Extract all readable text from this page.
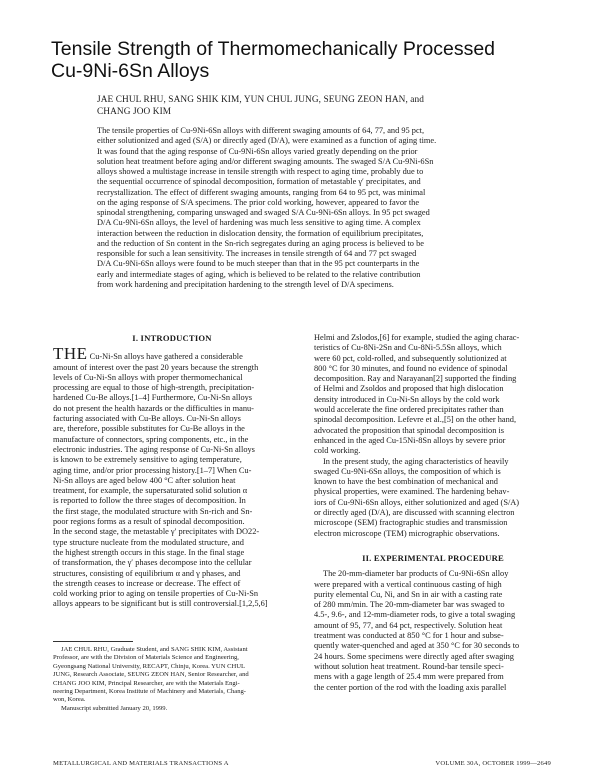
Tensile Strength of Thermomechanically Processed
Cu-9Ni-6Sn Alloys
JAE CHUL RHU, SANG SHIK KIM, YUN CHUL JUNG, SEUNG ZEON HAN, and
CHANG JOO KIM
The tensile properties of Cu-9Ni-6Sn alloys with different swaging amounts of 64, 77, and 95 pct,
either solutionized and aged (S/A) or directly aged (D/A), were examined as a function of aging time.
It was found that the aging response of Cu-9Ni-6Sn alloys varied greatly depending on the prior
solution heat treatment before aging and/or different swaging amounts. The swaged S/A Cu-9Ni-6Sn
alloys showed a multistage increase in tensile strength with respect to aging time, probably due to
the sequential occurrence of spinodal decomposition, formation of metastable γ′ precipitates, and
recrystallization. The effect of different swaging amounts, ranging from 64 to 95 pct, was minimal
on the aging response of S/A specimens. The prior cold working, however, appeared to favor the
spinodal strengthening, comparing unswaged and swaged S/A Cu-9Ni-6Sn alloys. In 95 pct swaged
D/A Cu-9Ni-6Sn alloys, the level of hardening was much less sensitive to aging time. A complex
interaction between the reduction in dislocation density, the formation of equilibrium precipitates,
and the reduction of Sn content in the Sn-rich segregates during an aging process is believed to be
responsible for such a lean sensitivity. The increases in tensile strength of 64 and 77 pct swaged
D/A Cu-9Ni-6Sn alloys were found to be much steeper than that in the 95 pct counterparts in the
early and intermediate stages of aging, which is believed to be related to the relative contribution
from work hardening and precipitation hardening to the strength level of D/A specimens.
I. INTRODUCTION
THE Cu-Ni-Sn alloys have gathered a considerable
amount of interest over the past 20 years because the strength
levels of Cu-Ni-Sn alloys with proper thermomechanical
processing are equal to those of high-strength, precipitation-
hardened Cu-Be alloys.[1–4] Furthermore, Cu-Ni-Sn alloys
do not present the health hazards or the difficulties in manu-
facturing associated with Cu-Be alloys. Cu-Ni-Sn alloys
are, therefore, possible substitutes for Cu-Be alloys in the
manufacture of connectors, spring components, etc., in the
electronic industries. The aging response of Cu-Ni-Sn alloys
is known to be extremely sensitive to aging temperature,
aging time, and/or prior processing history.[1–7] When Cu-
Ni-Sn alloys are aged below 400 °C after solution heat
treatment, for example, the supersaturated solid solution α
is reported to follow the three stages of decomposition. In
the first stage, the modulated structure with Sn-rich and Sn-
poor regions forms as a result of spinodal decomposition.
In the second stage, the metastable γ′ precipitates with DO22-
type structure nucleate from the modulated structure, and
the highest strength occurs in this stage. In the final stage
of transformation, the γ′ phases decompose into the cellular
structures, consisting of equilibrium α and γ phases, and
the strength ceases to increase or decrease. The effect of
cold working prior to aging on tensile properties of Cu-Ni-Sn
alloys appears to be significant but is still controversial.[1,2,5,6]
JAE CHUL RHU, Graduate Student, and SANG SHIK KIM, Assistant
Professor, are with the Division of Materials Science and Engineering,
Gyeongsang National University, RECAPT, Chinju, Korea. YUN CHUL
JUNG, Research Associate, SEUNG ZEON HAN, Senior Researcher, and
CHANG JOO KIM, Principal Researcher, are with the Materials Engi-
neering Department, Korea Institute of Machinery and Materials, Chang-
won, Korea.
Manuscript submitted January 20, 1999.
Helmi and Zslodos,[6] for example, studied the aging charac-
teristics of Cu-8Ni-2Sn and Cu-8Ni-5.5Sn alloys, which
were 60 pct, cold-rolled, and subsequently solutionized at
800 °C for 30 minutes, and found no evidence of spinodal
decomposition. Ray and Narayanan[2] supported the finding
of Helmi and Zsoldos and proposed that high dislocation
density introduced in Cu-Ni-Sn alloys by the cold work
would accelerate the fine ordered precipitates rather than
spinodal decomposition. Lefevre et al.,[5] on the other hand,
advocated the proposition that spinodal decomposition is
enhanced in the aged Cu-15Ni-8Sn alloys by severe prior
cold working.
In the present study, the aging characteristics of heavily
swaged Cu-9Ni-6Sn alloys, the composition of which is
known to have the best combination of mechanical and
physical properties, were examined. The hardening behav-
iors of Cu-9Ni-6Sn alloys, either solutionized and aged (S/A)
or directly aged (D/A), are discussed with scanning electron
microscope (SEM) fractographic studies and transmission
electron microscope (TEM) micrographic observations.
II. EXPERIMENTAL PROCEDURE
The 20-mm-diameter bar products of Cu-9Ni-6Sn alloy
were prepared with a vertical continuous casting of high
purity elemental Cu, Ni, and Sn in air with a casting rate
of 280 mm/min. The 20-mm-diameter bar was swaged to
4.5-, 9.6-, and 12-mm-diameter rods, to give a total swaging
amount of 95, 77, and 64 pct, respectively. Solution heat
treatment was conducted at 850 °C for 1 hour and subse-
quently water-quenched and aged at 350 °C for 30 seconds to
24 hours. Some specimens were directly aged after swaging
without solution heat treatment. Round-bar tensile speci-
mens with a gage length of 25.4 mm were prepared from
the center portion of the rod with the loading axis parallel
METALLURGICAL AND MATERIALS TRANSACTIONS A	VOLUME 30A, OCTOBER 1999—2649
